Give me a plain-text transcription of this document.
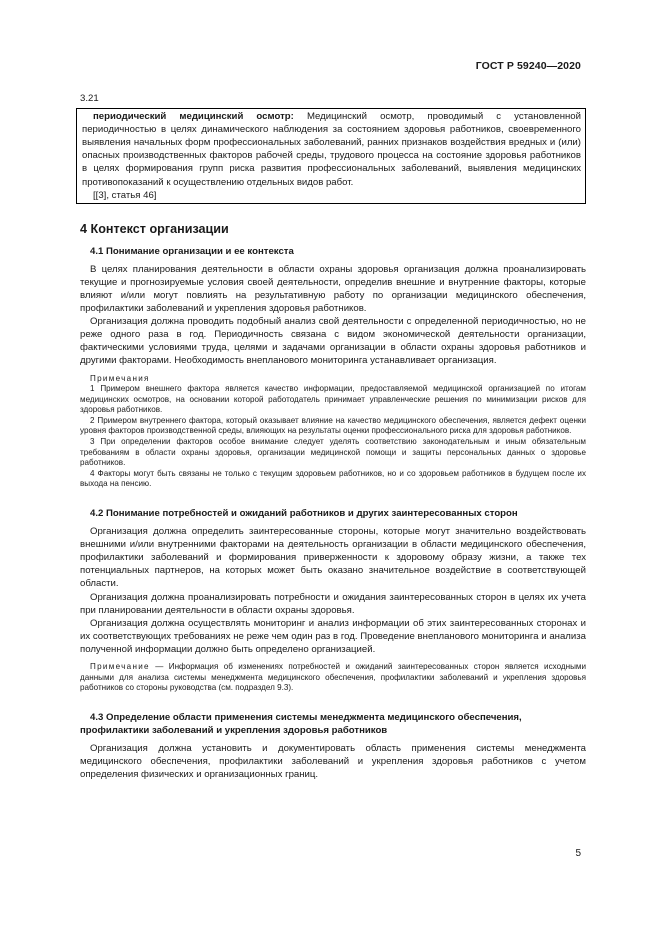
ГОСТ Р 59240—2020
3.21

периодический медицинский осмотр: Медицинский осмотр, проводимый с установленной периодичностью в целях динамического наблюдения за состоянием здоровья работников, своевременного выявления начальных форм профессиональных заболеваний, ранних признаков воздействия вредных и (или) опасных производственных факторов рабочей среды, трудового процесса на состояние здоровья работников в целях формирования групп риска развития профессиональных заболеваний, выявления медицинских противопоказаний к осуществлению отдельных видов работ.

[[3], статья 46]

4 Контекст организации
4.1 Понимание организации и ее контекста

В целях планирования деятельности в области охраны здоровья организация должна проанализировать текущие и прогнозируемые условия своей деятельности, определив внешние и внутренние факторы, которые влияют и/или могут повлиять на результативную работу по организации медицинского обеспечения, профилактики заболеваний и укрепления здоровья работников.

Организация должна проводить подобный анализ свой деятельности с определенной периодичностью, но не реже одного раза в год. Периодичность связана с видом экономической деятельности организации, фактическими условиями труда, целями и задачами организации в области охраны здоровья работников и другими факторами. Необходимость внепланового мониторинга устанавливает организация.

Примечания

1 Примером внешнего фактора является качество информации, предоставляемой медицинской организацией по итогам медицинских осмотров, на основании которой работодатель принимает управленческие решения по минимизации рисков для здоровья работников.

2 Примером внутреннего фактора, который оказывает влияние на качество медицинского обеспечения, является дефект оценки уровня факторов производственной среды, влияющих на результаты оценки профессионального риска для здоровья работников.

3 При определении факторов особое внимание следует уделять соответствию законодательным и иным обязательным требованиям в области охраны здоровья, организации медицинской помощи и защиты персональных данных о здоровье работников.

4 Факторы могут быть связаны не только с текущим здоровьем работников, но и со здоровьем работников в будущем после их выхода на пенсию.

4.2 Понимание потребностей и ожиданий работников и других заинтересованных сторон

Организация должна определить заинтересованные стороны, которые могут значительно воздействовать внешними и/или внутренними факторами на деятельность организации в области медицинского обеспечения, профилактики заболеваний и формирования приверженности к здоровому образу жизни, а также тех потенциальных партнеров, на которых может быть оказано значительное воздействие в соответствующей области.

Организация должна проанализировать потребности и ожидания заинтересованных сторон в целях их учета при планировании деятельности в области охраны здоровья.

Организация должна осуществлять мониторинг и анализ информации об этих заинтересованных сторонах и их соответствующих требованиях не реже чем один раз в год. Проведение внепланового мониторинга и анализа полученной информации должно быть определено организацией.

Примечание — Информация об изменениях потребностей и ожиданий заинтересованных сторон является исходными данными для анализа системы менеджмента медицинского обеспечения, профилактики заболеваний и укрепления здоровья работников со стороны руководства (см. подраздел 9.3).

4.3 Определение области применения системы менеджмента медицинского обеспечения, профилактики заболеваний и укрепления здоровья работников

Организация должна установить и документировать область применения системы менеджмента медицинского обеспечения, профилактики заболеваний и укрепления здоровья работников с учетом определения физических и организационных границ.

5
